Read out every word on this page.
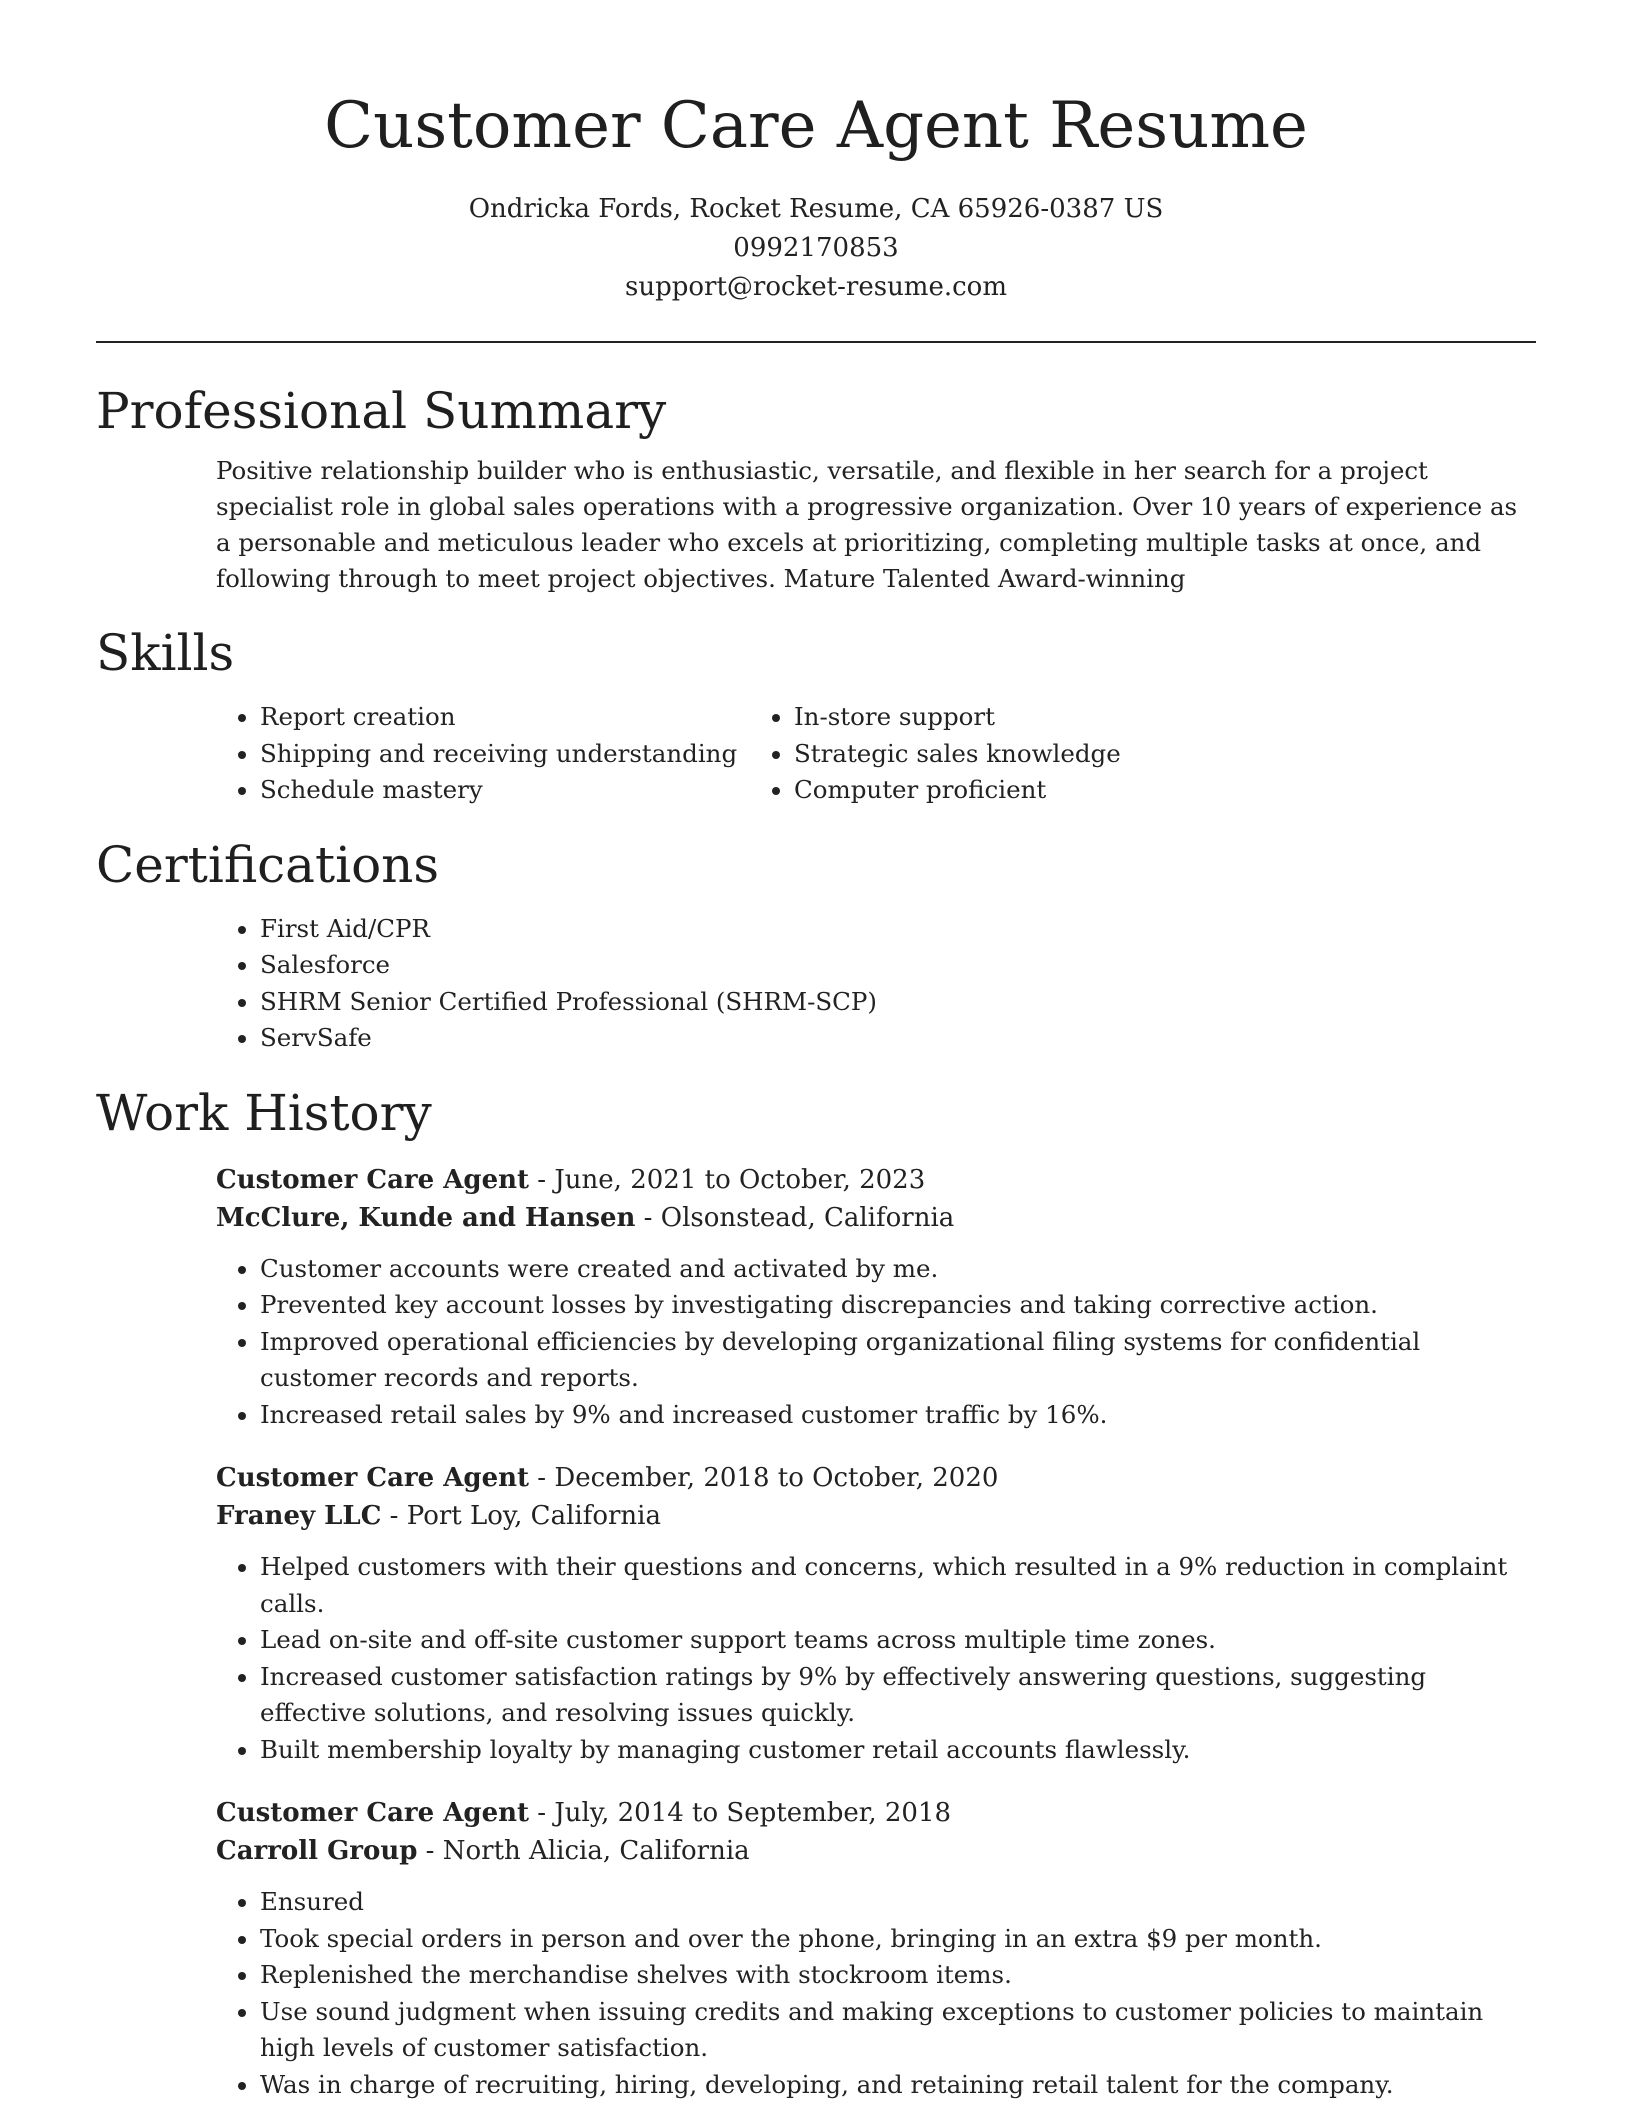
Customer Care Agent Resume
Ondricka Fords, Rocket Resume, CA 65926-0387 US
0992170853
support@rocket-resume.com
Professional Summary

Positive relationship builder who is enthusiastic, versatile, and flexible in her search for a project specialist role in global sales operations with a progressive organization. Over 10 years of experience as a personable and meticulous leader who excels at prioritizing, completing multiple tasks at once, and following through to meet project objectives. Mature Talented Award-winning

Skills
• Report creation
• Shipping and receiving understanding
• Schedule mastery
• In-store support
• Strategic sales knowledge
• Computer proficient
Certifications
• First Aid/CPR
• Salesforce
• SHRM Senior Certified Professional (SHRM-SCP)
• ServSafe
Work History
Customer Care Agent - June, 2021 to October, 2023
McClure, Kunde and Hansen - Olsonstead, California
• Customer accounts were created and activated by me.
• Prevented key account losses by investigating discrepancies and taking corrective action.
• Improved operational efficiencies by developing organizational filing systems for confidential customer records and reports.
• Increased retail sales by 9% and increased customer traffic by 16%.
Customer Care Agent - December, 2018 to October, 2020
Franey LLC - Port Loy, California
• Helped customers with their questions and concerns, which resulted in a 9% reduction in complaint calls.
• Lead on-site and off-site customer support teams across multiple time zones.
• Increased customer satisfaction ratings by 9% by effectively answering questions, suggesting effective solutions, and resolving issues quickly.
• Built membership loyalty by managing customer retail accounts flawlessly.
Customer Care Agent - July, 2014 to September, 2018
Carroll Group - North Alicia, California
• Ensured
• Took special orders in person and over the phone, bringing in an extra $9 per month.
• Replenished the merchandise shelves with stockroom items.
• Use sound judgment when issuing credits and making exceptions to customer policies to maintain high levels of customer satisfaction.
• Was in charge of recruiting, hiring, developing, and retaining retail talent for the company.
